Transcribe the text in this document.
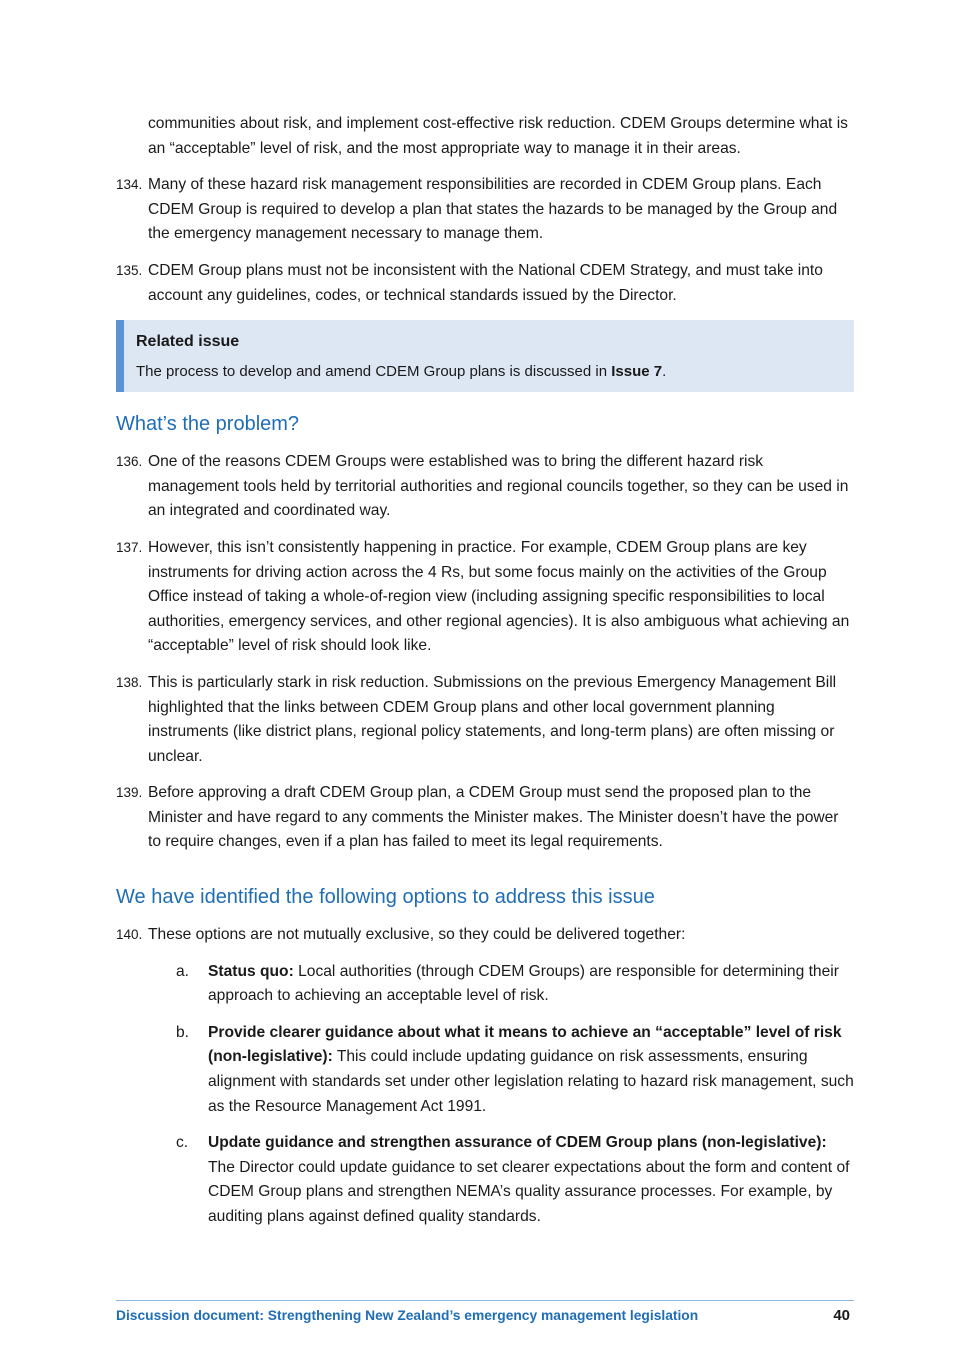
communities about risk, and implement cost-effective risk reduction. CDEM Groups determine what is an “acceptable” level of risk, and the most appropriate way to manage it in their areas.

134. Many of these hazard risk management responsibilities are recorded in CDEM Group plans. Each CDEM Group is required to develop a plan that states the hazards to be managed by the Group and the emergency management necessary to manage them.

135. CDEM Group plans must not be inconsistent with the National CDEM Strategy, and must take into account any guidelines, codes, or technical standards issued by the Director.

Related issue
The process to develop and amend CDEM Group plans is discussed in Issue 7.
What’s the problem?
136. One of the reasons CDEM Groups were established was to bring the different hazard risk management tools held by territorial authorities and regional councils together, so they can be used in an integrated and coordinated way.

137. However, this isn’t consistently happening in practice. For example, CDEM Group plans are key instruments for driving action across the 4 Rs, but some focus mainly on the activities of the Group Office instead of taking a whole-of-region view (including assigning specific responsibilities to local authorities, emergency services, and other regional agencies). It is also ambiguous what achieving an “acceptable” level of risk should look like.

138. This is particularly stark in risk reduction. Submissions on the previous Emergency Management Bill highlighted that the links between CDEM Group plans and other local government planning instruments (like district plans, regional policy statements, and long-term plans) are often missing or unclear.

139. Before approving a draft CDEM Group plan, a CDEM Group must send the proposed plan to the Minister and have regard to any comments the Minister makes. The Minister doesn’t have the power to require changes, even if a plan has failed to meet its legal requirements.

We have identified the following options to address this issue
140. These options are not mutually exclusive, so they could be delivered together:

a. Status quo: Local authorities (through CDEM Groups) are responsible for determining their approach to achieving an acceptable level of risk.

b. Provide clearer guidance about what it means to achieve an “acceptable” level of risk (non-legislative): This could include updating guidance on risk assessments, ensuring alignment with standards set under other legislation relating to hazard risk management, such as the Resource Management Act 1991.

c. Update guidance and strengthen assurance of CDEM Group plans (non-legislative): The Director could update guidance to set clearer expectations about the form and content of CDEM Group plans and strengthen NEMA’s quality assurance processes. For example, by auditing plans against defined quality standards.

Discussion document: Strengthening New Zealand’s emergency management legislation	40
